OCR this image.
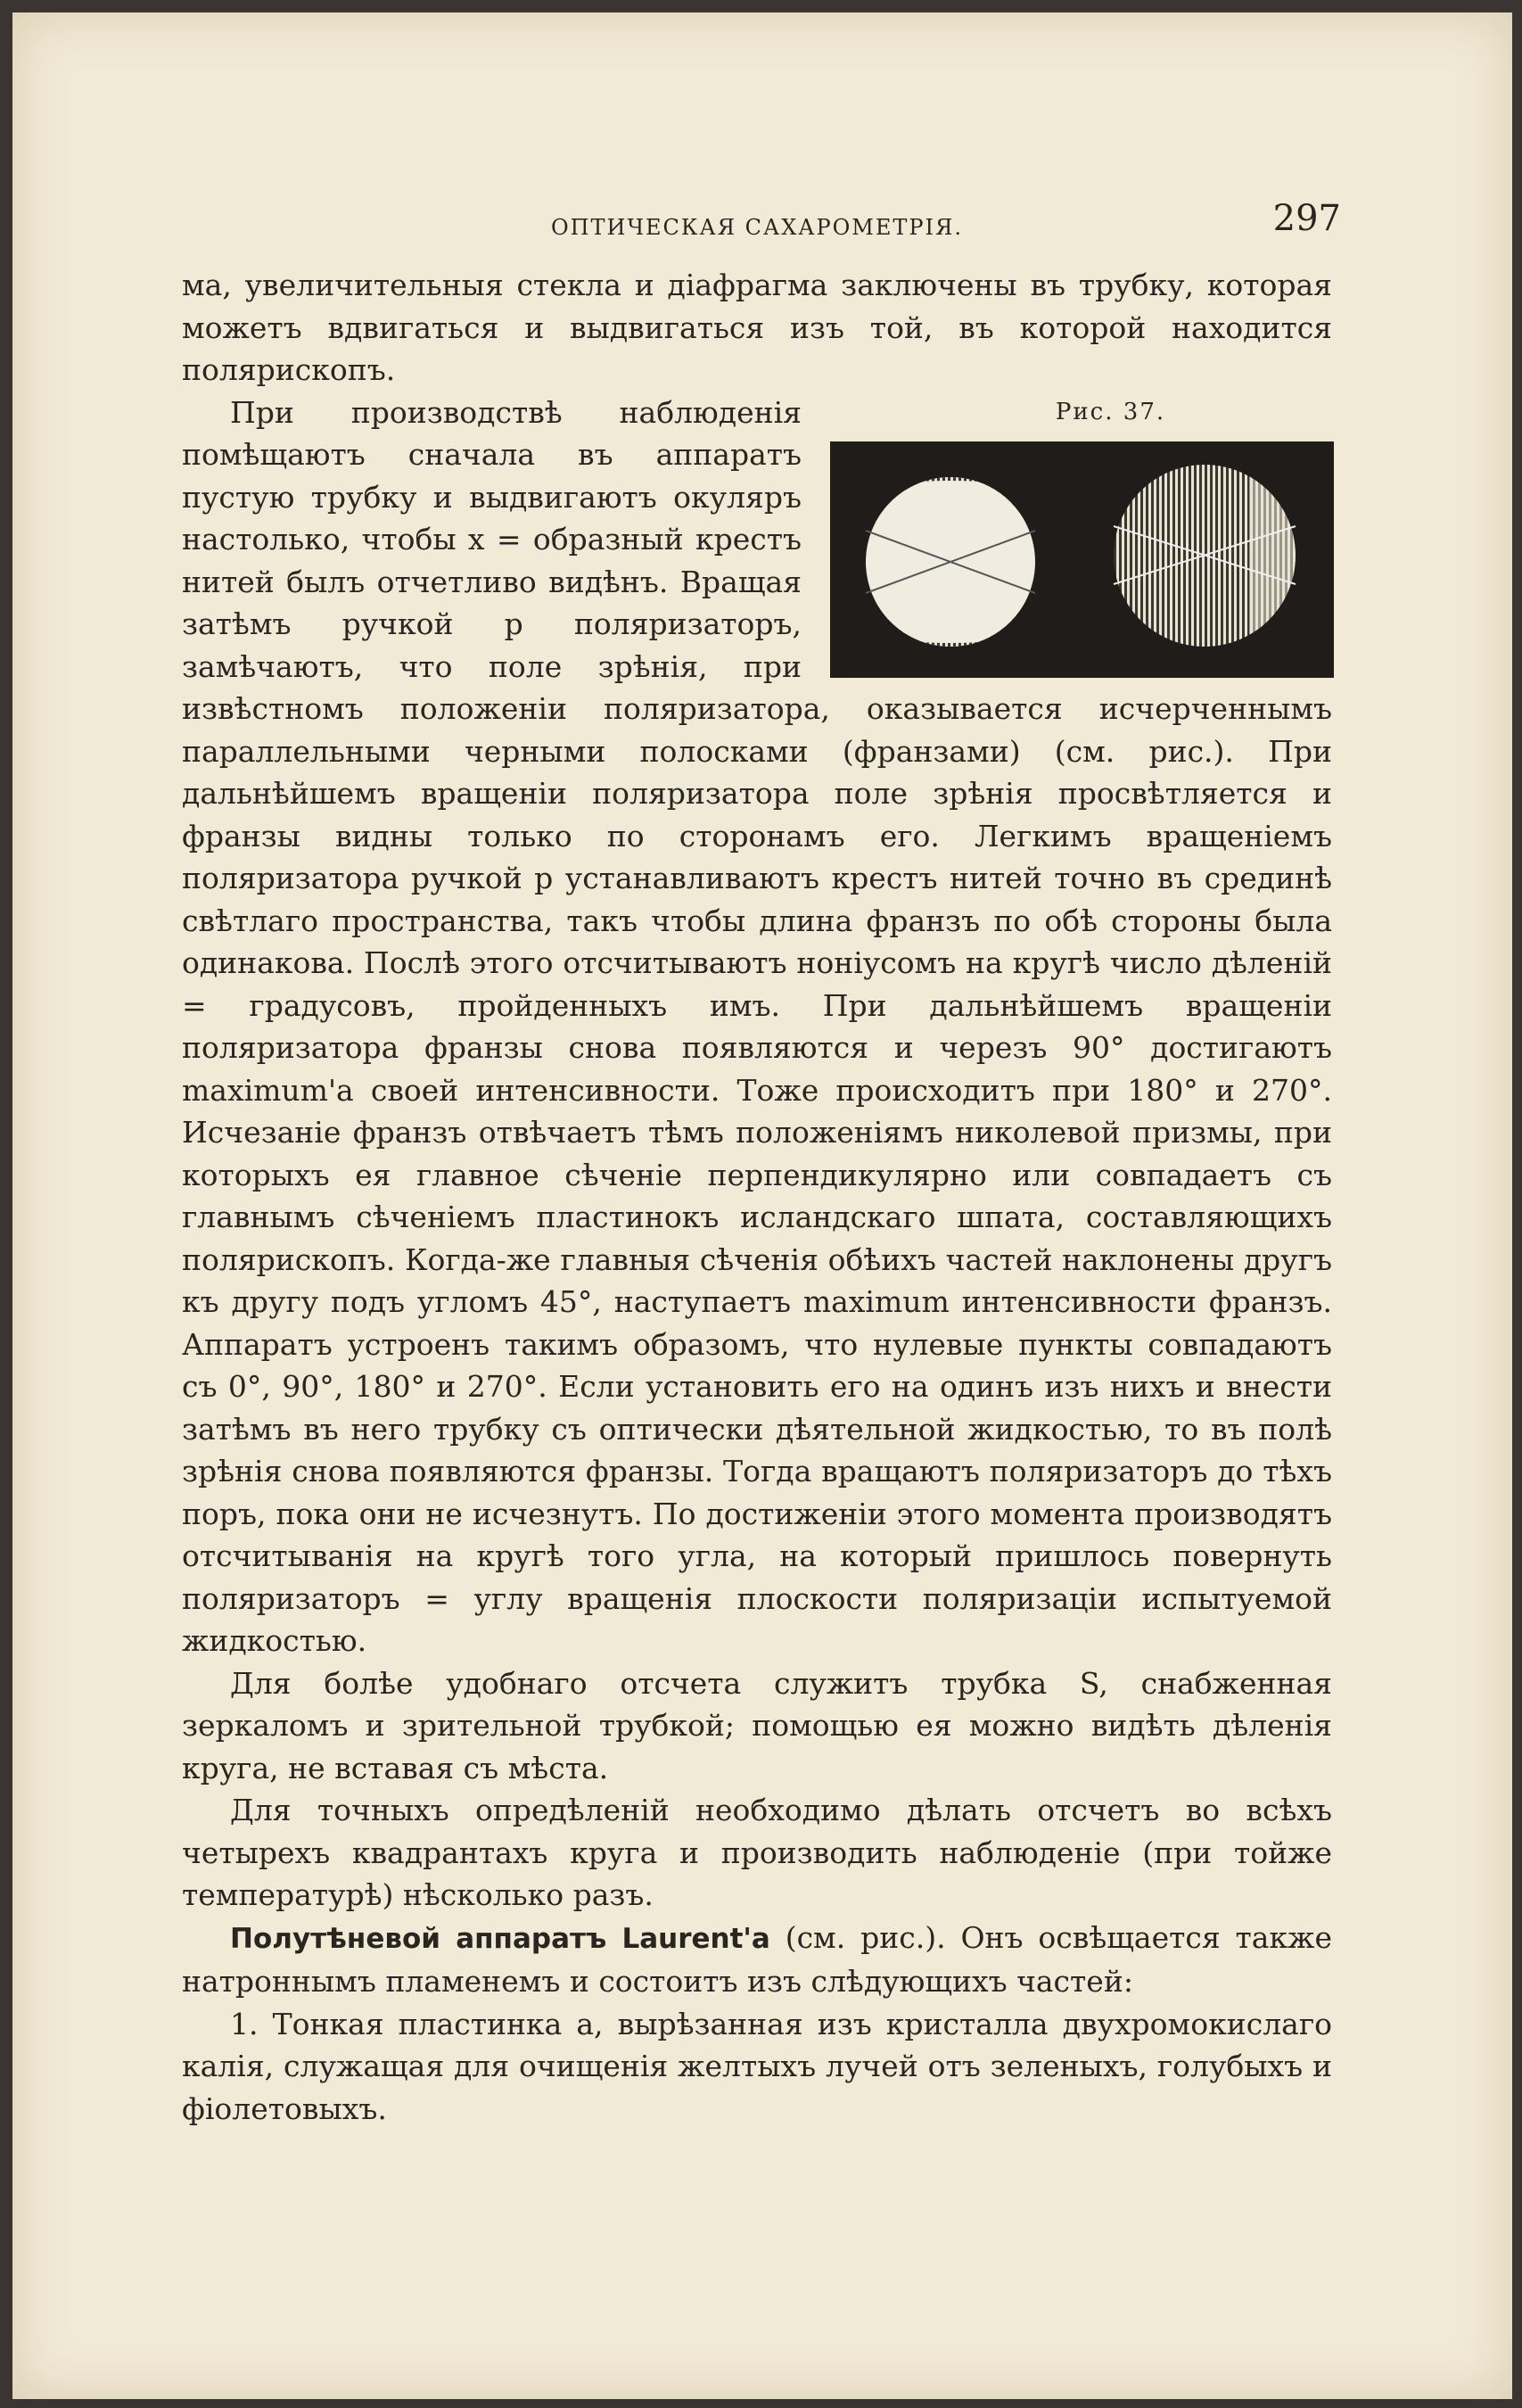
ОПТИЧЕСКАЯ САХАРОМЕТРІЯ.	297

ма, увеличительныя стекла и діафрагма заключены въ трубку, которая можетъ вдвигаться и выдвигаться изъ той, въ которой находится полярископъ.

Рис. 37.
При производствѣ наблюденія помѣщаютъ сначала въ аппаратъ пустую трубку и выдвигаютъ окуляръ настолько, чтобы x = образный крестъ нитей былъ отчетливо видѣнъ. Вращая затѣмъ ручкой p поляризаторъ, замѣчаютъ, что поле зрѣнія, при извѣстномъ положеніи поляризатора, оказывается исчерченнымъ параллельными черными полосками (франзами) (см. рис.). При дальнѣйшемъ вращеніи поляризатора поле зрѣнія просвѣтляется и франзы видны только по сторонамъ его. Легкимъ вращеніемъ поляризатора ручкой p устанавливаютъ крестъ нитей точно въ срединѣ свѣтлаго пространства, такъ чтобы длина франзъ по обѣ стороны была одинакова. Послѣ этого отсчитываютъ ноніусомъ на кругѣ число дѣленій = градусовъ, пройденныхъ имъ. При дальнѣйшемъ вращеніи поляризатора франзы снова появляются и черезъ 90° достигаютъ maximum'a своей интенсивности. Тоже происходитъ при 180° и 270°. Исчезаніе франзъ отвѣчаетъ тѣмъ положеніямъ николевой призмы, при которыхъ ея главное сѣченіе перпендикулярно или совпадаетъ съ главнымъ сѣченіемъ пластинокъ исландскаго шпата, составляющихъ полярископъ. Когда-же главныя сѣченія обѣихъ частей наклонены другъ къ другу подъ угломъ 45°, наступаетъ maximum интенсивности франзъ. Аппаратъ устроенъ такимъ образомъ, что нулевые пункты совпадаютъ съ 0°, 90°, 180° и 270°. Если установить его на одинъ изъ нихъ и внести затѣмъ въ него трубку съ оптически дѣятельной жидкостью, то въ полѣ зрѣнія снова появляются франзы. Тогда вращаютъ поляризаторъ до тѣхъ поръ, пока они не исчезнутъ. По достиженіи этого момента производятъ отсчитыванія на кругѣ того угла, на который пришлось повернуть поляризаторъ = углу вращенія плоскости поляризаціи испытуемой жидкостью.

Для болѣе удобнаго отсчета служитъ трубка S, снабженная зеркаломъ и зрительной трубкой; помощью ея можно видѣть дѣленія круга, не вставая съ мѣста.

Для точныхъ опредѣленій необходимо дѣлать отсчетъ во всѣхъ четырехъ квадрантахъ круга и производить наблюденіе (при тойже температурѣ) нѣсколько разъ.

Полутѣневой аппаратъ Laurent'a (см. рис.). Онъ освѣщается также натроннымъ пламенемъ и состоитъ изъ слѣдующихъ частей:

1. Тонкая пластинка a, вырѣзанная изъ кристалла двухромокислаго калія, служащая для очищенія желтыхъ лучей отъ зеленыхъ, голубыхъ и фіолетовыхъ.
